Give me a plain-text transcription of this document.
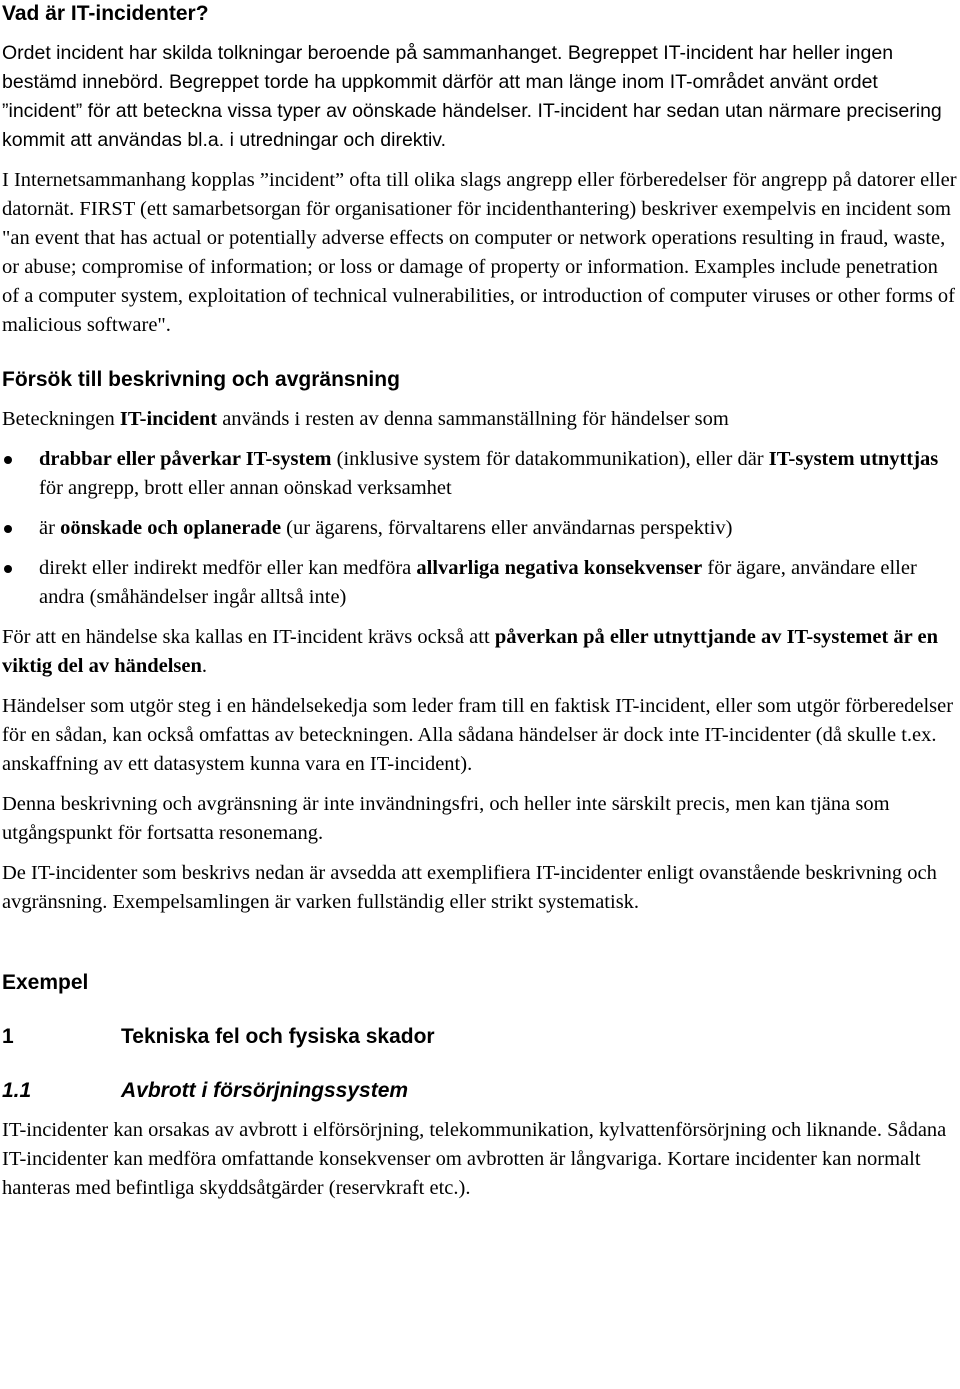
Vad är IT-incidenter?

Ordet incident har skilda tolkningar beroende på sammanhanget. Begreppet IT-incident har heller ingen bestämd innebörd. Begreppet torde ha uppkommit därför att man länge inom IT-området använt ordet ”incident” för att beteckna vissa typer av oönskade händelser. IT-incident har sedan utan närmare precisering kommit att användas bl.a. i utredningar och direktiv.

I Internetsammanhang kopplas ”incident” ofta till olika slags angrepp eller förberedelser för angrepp på datorer eller datornät. FIRST (ett samarbetsorgan för organisationer för incidenthantering) beskriver exempelvis en incident som "an event that has actual or potentially adverse effects on computer or network operations resulting in fraud, waste, or abuse; compromise of information; or loss or damage of property or information. Examples include penetration of a computer system, exploitation of technical vulnerabilities, or introduction of computer viruses or other forms of malicious software".

Försök till beskrivning och avgränsning

Beteckningen IT-incident används i resten av denna sammanställning för händelser som

drabbar eller påverkar IT-system (inklusive system för datakommunikation), eller där IT-system utnyttjas för angrepp, brott eller annan oönskad verksamhet
är oönskade och oplanerade (ur ägarens, förvaltarens eller användarnas perspektiv)
direkt eller indirekt medför eller kan medföra allvarliga negativa konsekvenser för ägare, användare eller andra (småhändelser ingår alltså inte)

För att en händelse ska kallas en IT-incident krävs också att påverkan på eller utnyttjande av IT-systemet är en viktig del av händelsen.

Händelser som utgör steg i en händelsekedja som leder fram till en faktisk IT-incident, eller som utgör förberedelser för en sådan, kan också omfattas av beteckningen. Alla sådana händelser är dock inte IT-incidenter (då skulle t.ex. anskaffning av ett datasystem kunna vara en IT-incident).

Denna beskrivning och avgränsning är inte invändningsfri, och heller inte särskilt precis, men kan tjäna som utgångspunkt för fortsatta resonemang.

De IT-incidenter som beskrivs nedan är avsedda att exemplifiera IT-incidenter enligt ovanstående beskrivning och avgränsning. Exempelsamlingen är varken fullständig eller strikt systematisk.

Exempel
1	Tekniska fel och fysiska skador
1.1	Avbrott i försörjningssystem

IT-incidenter kan orsakas av avbrott i elförsörjning, telekommunikation, kylvattenförsörjning och liknande. Sådana IT-incidenter kan medföra omfattande konsekvenser om avbrotten är långvariga. Kortare incidenter kan normalt hanteras med befintliga skyddsåtgärder (reservkraft etc.).
